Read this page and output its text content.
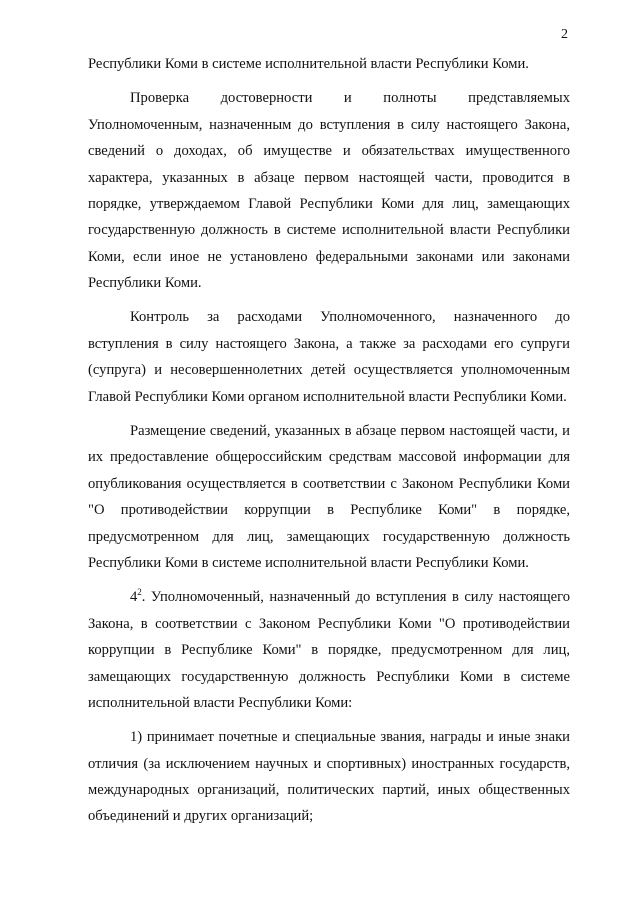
2

Республики Коми в системе исполнительной власти Республики Коми.

Проверка достоверности и полноты представляемых Уполномоченным, назначенным до вступления в силу настоящего Закона, сведений о доходах, об имуществе и обязательствах имущественного характера, указанных в абзаце первом настоящей части, проводится в порядке, утверждаемом Главой Республики Коми для лиц, замещающих государственную должность в системе исполнительной власти Республики Коми, если иное не установлено федеральными законами или законами Республики Коми.

Контроль за расходами Уполномоченного, назначенного до вступления в силу настоящего Закона, а также за расходами его супруги (супруга) и несовершеннолетних детей осуществляется уполномоченным Главой Республики Коми органом исполнительной власти Республики Коми.

Размещение сведений, указанных в абзаце первом настоящей части, и их предоставление общероссийским средствам массовой информации для опубликования осуществляется в соответствии с Законом Республики Коми "О противодействии коррупции в Республике Коми" в порядке, предусмотренном для лиц, замещающих государственную должность Республики Коми в системе исполнительной власти Республики Коми.

$4^2$. Уполномоченный, назначенный до вступления в силу настоящего Закона, в соответствии с Законом Республики Коми "О противодействии коррупции в Республике Коми" в порядке, предусмотренном для лиц, замещающих государственную должность Республики Коми в системе исполнительной власти Республики Коми:

1) принимает почетные и специальные звания, награды и иные знаки отличия (за исключением научных и спортивных) иностранных государств, международных организаций, политических партий, иных общественных объединений и других организаций;
